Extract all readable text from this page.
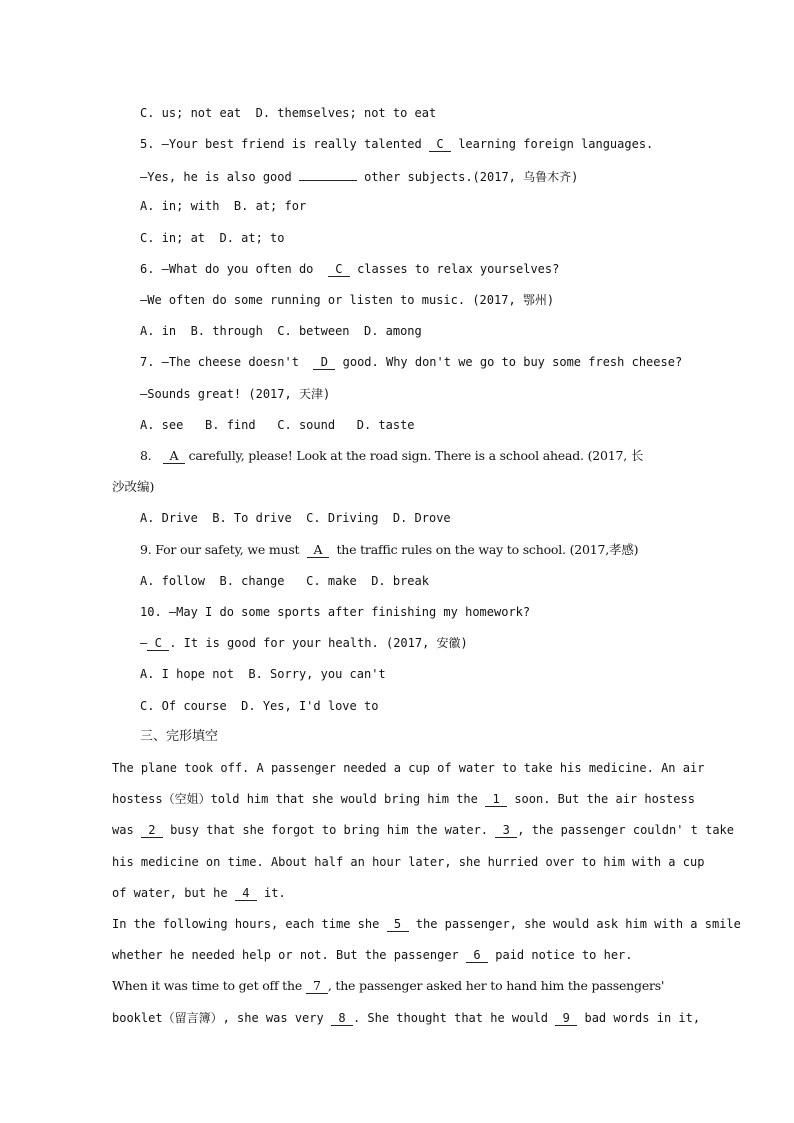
C. us; not eat  D. themselves; not to eat
5. —Your best friend is really talented C learning foreign languages.
—Yes, he is also good	other subjects.(2017, 乌鲁木齐)
A. in; with  B. at; for
C. in; at  D. at; to
6. —What do you often do  C classes to relax yourselves?
—We often do some running or listen to music. (2017, 鄂州)
A. in  B. through  C. between  D. among
7. —The cheese doesn't  D good. Why don't we go to buy some fresh cheese?
—Sounds great! (2017, 天津)
A. see   B. find   C. sound   D. taste
8.   A carefully, please! Look at the road sign. There is a school ahead. (2017, 长
沙改编)
A. Drive  B. To drive  C. Driving  D. Drove
9. For our safety, we must  A  the traffic rules on the way to school. (2017,孝感)
A. follow  B. change   C. make  D. break
10. —May I do some sports after finishing my homework?
— C . It is good for your health. (2017, 安徽)
A. I hope not  B. Sorry, you can't
C. Of course  D. Yes, I'd love to
三、完形填空
The plane took off. A passenger needed a cup of water to take his medicine. An air
hostess（空姐）told him that she would bring him the 1 soon. But the air hostess
was 2 busy that she forgot to bring him the water. 3 , the passenger couldn' t take
his medicine on time. About half an hour later, she hurried over to him with a cup
of water, but he 4 it.
In the following hours, each time she 5 the passenger, she would ask him with a smile
whether he needed help or not. But the passenger 6 paid notice to her.
When it was time to get off the 7 , the passenger asked her to hand him the passengers'
booklet（留言簿）, she was very 8 . She thought that he would 9 bad words in it,
